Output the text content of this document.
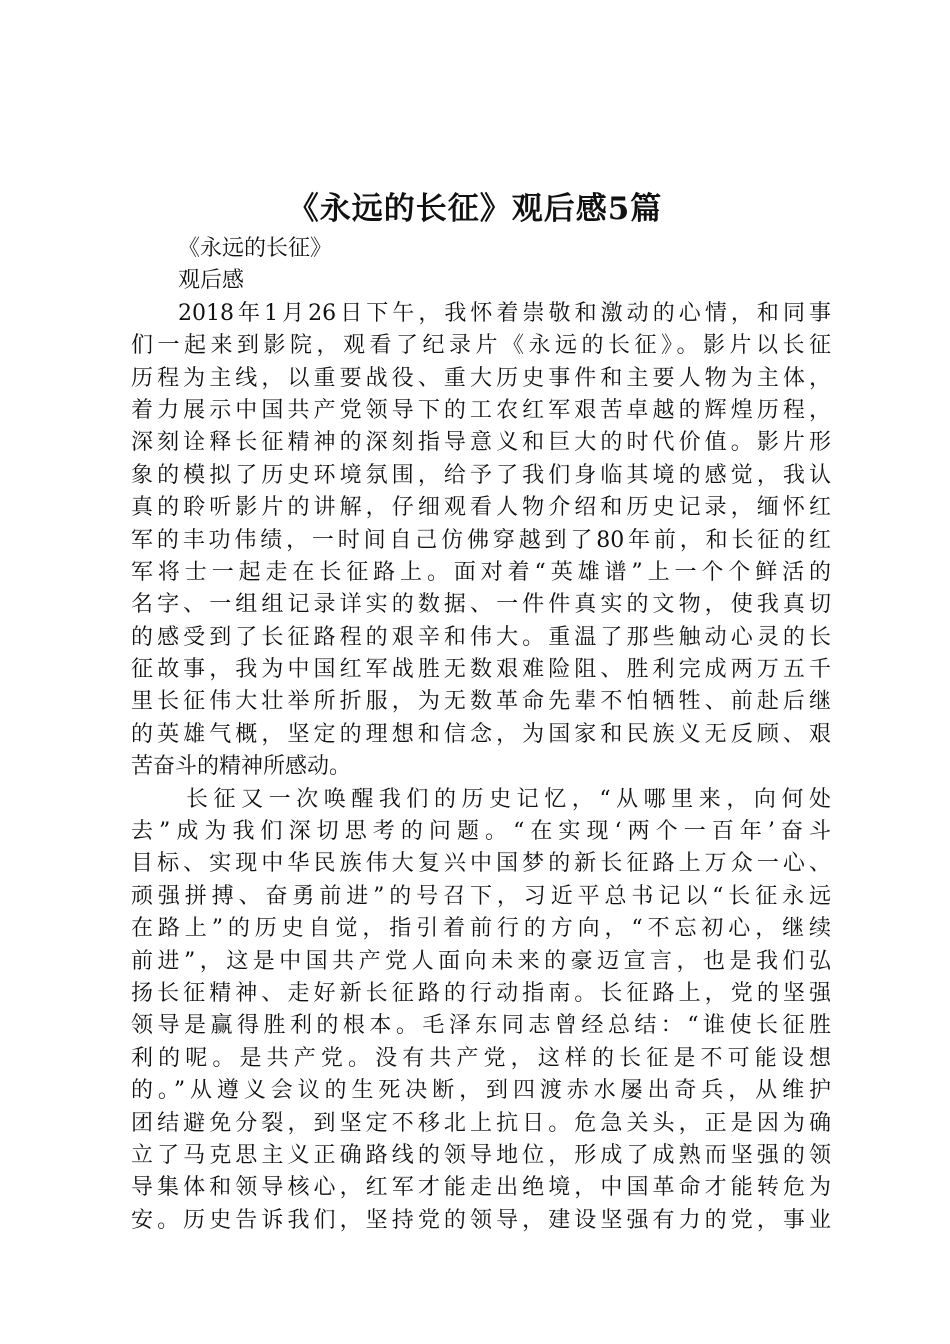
《永远的长征》观后感5篇
《永远的长征》
观后感
2018年1月26日下午，我怀着崇敬和激动的心情，和同事
们一起来到影院，观看了纪录片《永远的长征》。影片以长征
历程为主线，以重要战役、重大历史事件和主要人物为主体，
着力展示中国共产党领导下的工农红军艰苦卓越的辉煌历程，
深刻诠释长征精神的深刻指导意义和巨大的时代价值。影片形
象的模拟了历史环境氛围，给予了我们身临其境的感觉，我认
真的聆听影片的讲解，仔细观看人物介绍和历史记录，缅怀红
军的丰功伟绩，一时间自己仿佛穿越到了80年前，和长征的红
军将士一起走在长征路上。面对着“英雄谱”上一个个鲜活的
名字、一组组记录详实的数据、一件件真实的文物，使我真切
的感受到了长征路程的艰辛和伟大。重温了那些触动心灵的长
征故事，我为中国红军战胜无数艰难险阻、胜利完成两万五千
里长征伟大壮举所折服，为无数革命先辈不怕牺牲、前赴后继
的英雄气概，坚定的理想和信念，为国家和民族义无反顾、艰
苦奋斗的精神所感动。
长征又一次唤醒我们的历史记忆，“从哪里来，向何处
去”成为我们深切思考的问题。“在实现‘两个一百年’奋斗
目标、实现中华民族伟大复兴中国梦的新长征路上万众一心、
顽强拼搏、奋勇前进”的号召下，习近平总书记以“长征永远
在路上”的历史自觉，指引着前行的方向，“不忘初心，继续
前进”，这是中国共产党人面向未来的豪迈宣言，也是我们弘
扬长征精神、走好新长征路的行动指南。长征路上，党的坚强
领导是赢得胜利的根本。毛泽东同志曾经总结：“谁使长征胜
利的呢。是共产党。没有共产党，这样的长征是不可能设想
的。”从遵义会议的生死决断，到四渡赤水屡出奇兵，从维护
团结避免分裂，到坚定不移北上抗日。危急关头，正是因为确
立了马克思主义正确路线的领导地位，形成了成熟而坚强的领
导集体和领导核心，红军才能走出绝境，中国革命才能转危为
安。历史告诉我们，坚持党的领导，建设坚强有力的党，事业
